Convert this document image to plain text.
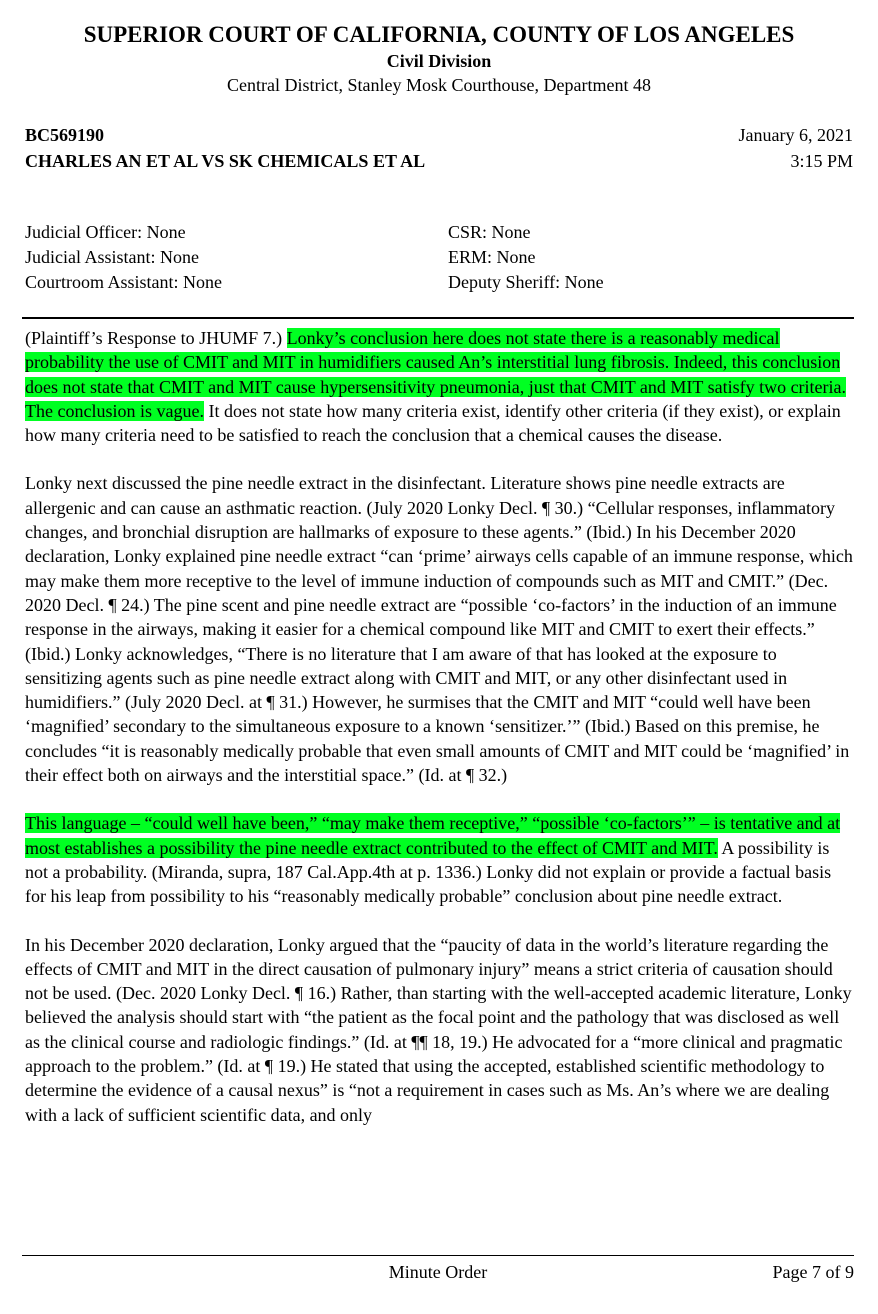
SUPERIOR COURT OF CALIFORNIA, COUNTY OF LOS ANGELES
Civil Division
Central District, Stanley Mosk Courthouse, Department 48
BC569190
CHARLES AN ET AL VS SK CHEMICALS ET AL
January 6, 2021
3:15 PM
Judicial Officer: None	CSR: None
Judicial Assistant: None	ERM: None
Courtroom Assistant: None	Deputy Sheriff: None

(Plaintiff’s Response to JHUMF 7.) Lonky’s conclusion here does not state there is a reasonably medical probability the use of CMIT and MIT in humidifiers caused An’s interstitial lung fibrosis. Indeed, this conclusion does not state that CMIT and MIT cause hypersensitivity pneumonia, just that CMIT and MIT satisfy two criteria. The conclusion is vague. It does not state how many criteria exist, identify other criteria (if they exist), or explain how many criteria need to be satisfied to reach the conclusion that a chemical causes the disease.

Lonky next discussed the pine needle extract in the disinfectant. Literature shows pine needle extracts are allergenic and can cause an asthmatic reaction. (July 2020 Lonky Decl. ¶ 30.) “Cellular responses, inflammatory changes, and bronchial disruption are hallmarks of exposure to these agents.” (Ibid.) In his December 2020 declaration, Lonky explained pine needle extract “can ‘prime’ airways cells capable of an immune response, which may make them more receptive to the level of immune induction of compounds such as MIT and CMIT.” (Dec. 2020 Decl. ¶ 24.) The pine scent and pine needle extract are “possible ‘co-factors’ in the induction of an immune response in the airways, making it easier for a chemical compound like MIT and CMIT to exert their effects.” (Ibid.) Lonky acknowledges, “There is no literature that I am aware of that has looked at the exposure to sensitizing agents such as pine needle extract along with CMIT and MIT, or any other disinfectant used in humidifiers.” (July 2020 Decl. at ¶ 31.) However, he surmises that the CMIT and MIT “could well have been ‘magnified’ secondary to the simultaneous exposure to a known ‘sensitizer.’” (Ibid.) Based on this premise, he concludes “it is reasonably medically probable that even small amounts of CMIT and MIT could be ‘magnified’ in their effect both on airways and the interstitial space.” (Id. at ¶ 32.)

This language – “could well have been,” “may make them receptive,” “possible ‘co-factors’” – is tentative and at most establishes a possibility the pine needle extract contributed to the effect of CMIT and MIT. A possibility is not a probability. (Miranda, supra, 187 Cal.App.4th at p. 1336.) Lonky did not explain or provide a factual basis for his leap from possibility to his “reasonably medically probable” conclusion about pine needle extract.

In his December 2020 declaration, Lonky argued that the “paucity of data in the world’s literature regarding the effects of CMIT and MIT in the direct causation of pulmonary injury” means a strict criteria of causation should not be used. (Dec. 2020 Lonky Decl. ¶ 16.) Rather, than starting with the well-accepted academic literature, Lonky believed the analysis should start with “the patient as the focal point and the pathology that was disclosed as well as the clinical course and radiologic findings.” (Id. at ¶¶ 18, 19.) He advocated for a “more clinical and pragmatic approach to the problem.” (Id. at ¶ 19.) He stated that using the accepted, established scientific methodology to determine the evidence of a causal nexus” is “not a requirement in cases such as Ms. An’s where we are dealing with a lack of sufficient scientific data, and only

Minute Order	Page 7 of 9
